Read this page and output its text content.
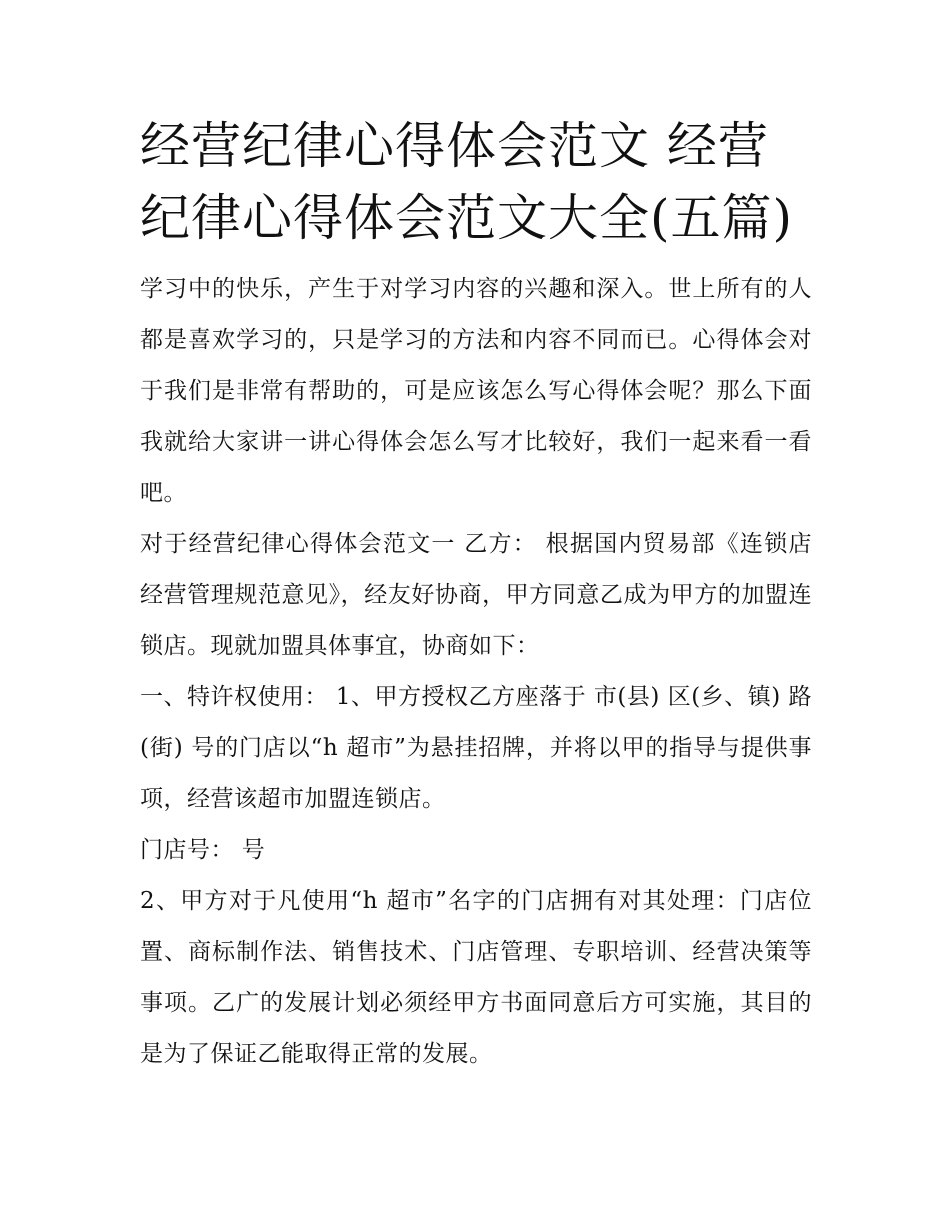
经营纪律心得体会范文 经营纪律心得体会范文大全(五篇)

学习中的快乐，产生于对学习内容的兴趣和深入。世上所有的人都是喜欢学习的，只是学习的方法和内容不同而已。心得体会对于我们是非常有帮助的，可是应该怎么写心得体会呢？那么下面我就给大家讲一讲心得体会怎么写才比较好，我们一起来看一看吧。

对于经营纪律心得体会范文一 乙方： 根据国内贸易部《连锁店经营管理规范意见》，经友好协商，甲方同意乙成为甲方的加盟连锁店。现就加盟具体事宜，协商如下：

一、特许权使用： 1、甲方授权乙方座落于 市(县) 区(乡、镇) 路(街) 号的门店以“h 超市”为悬挂招牌，并将以甲的指导与提供事项，经营该超市加盟连锁店。

门店号： 号

2、甲方对于凡使用“h 超市”名字的门店拥有对其处理：门店位置、商标制作法、销售技术、门店管理、专职培训、经营决策等事项。乙广的发展计划必须经甲方书面同意后方可实施，其目的是为了保证乙能取得正常的发展。
